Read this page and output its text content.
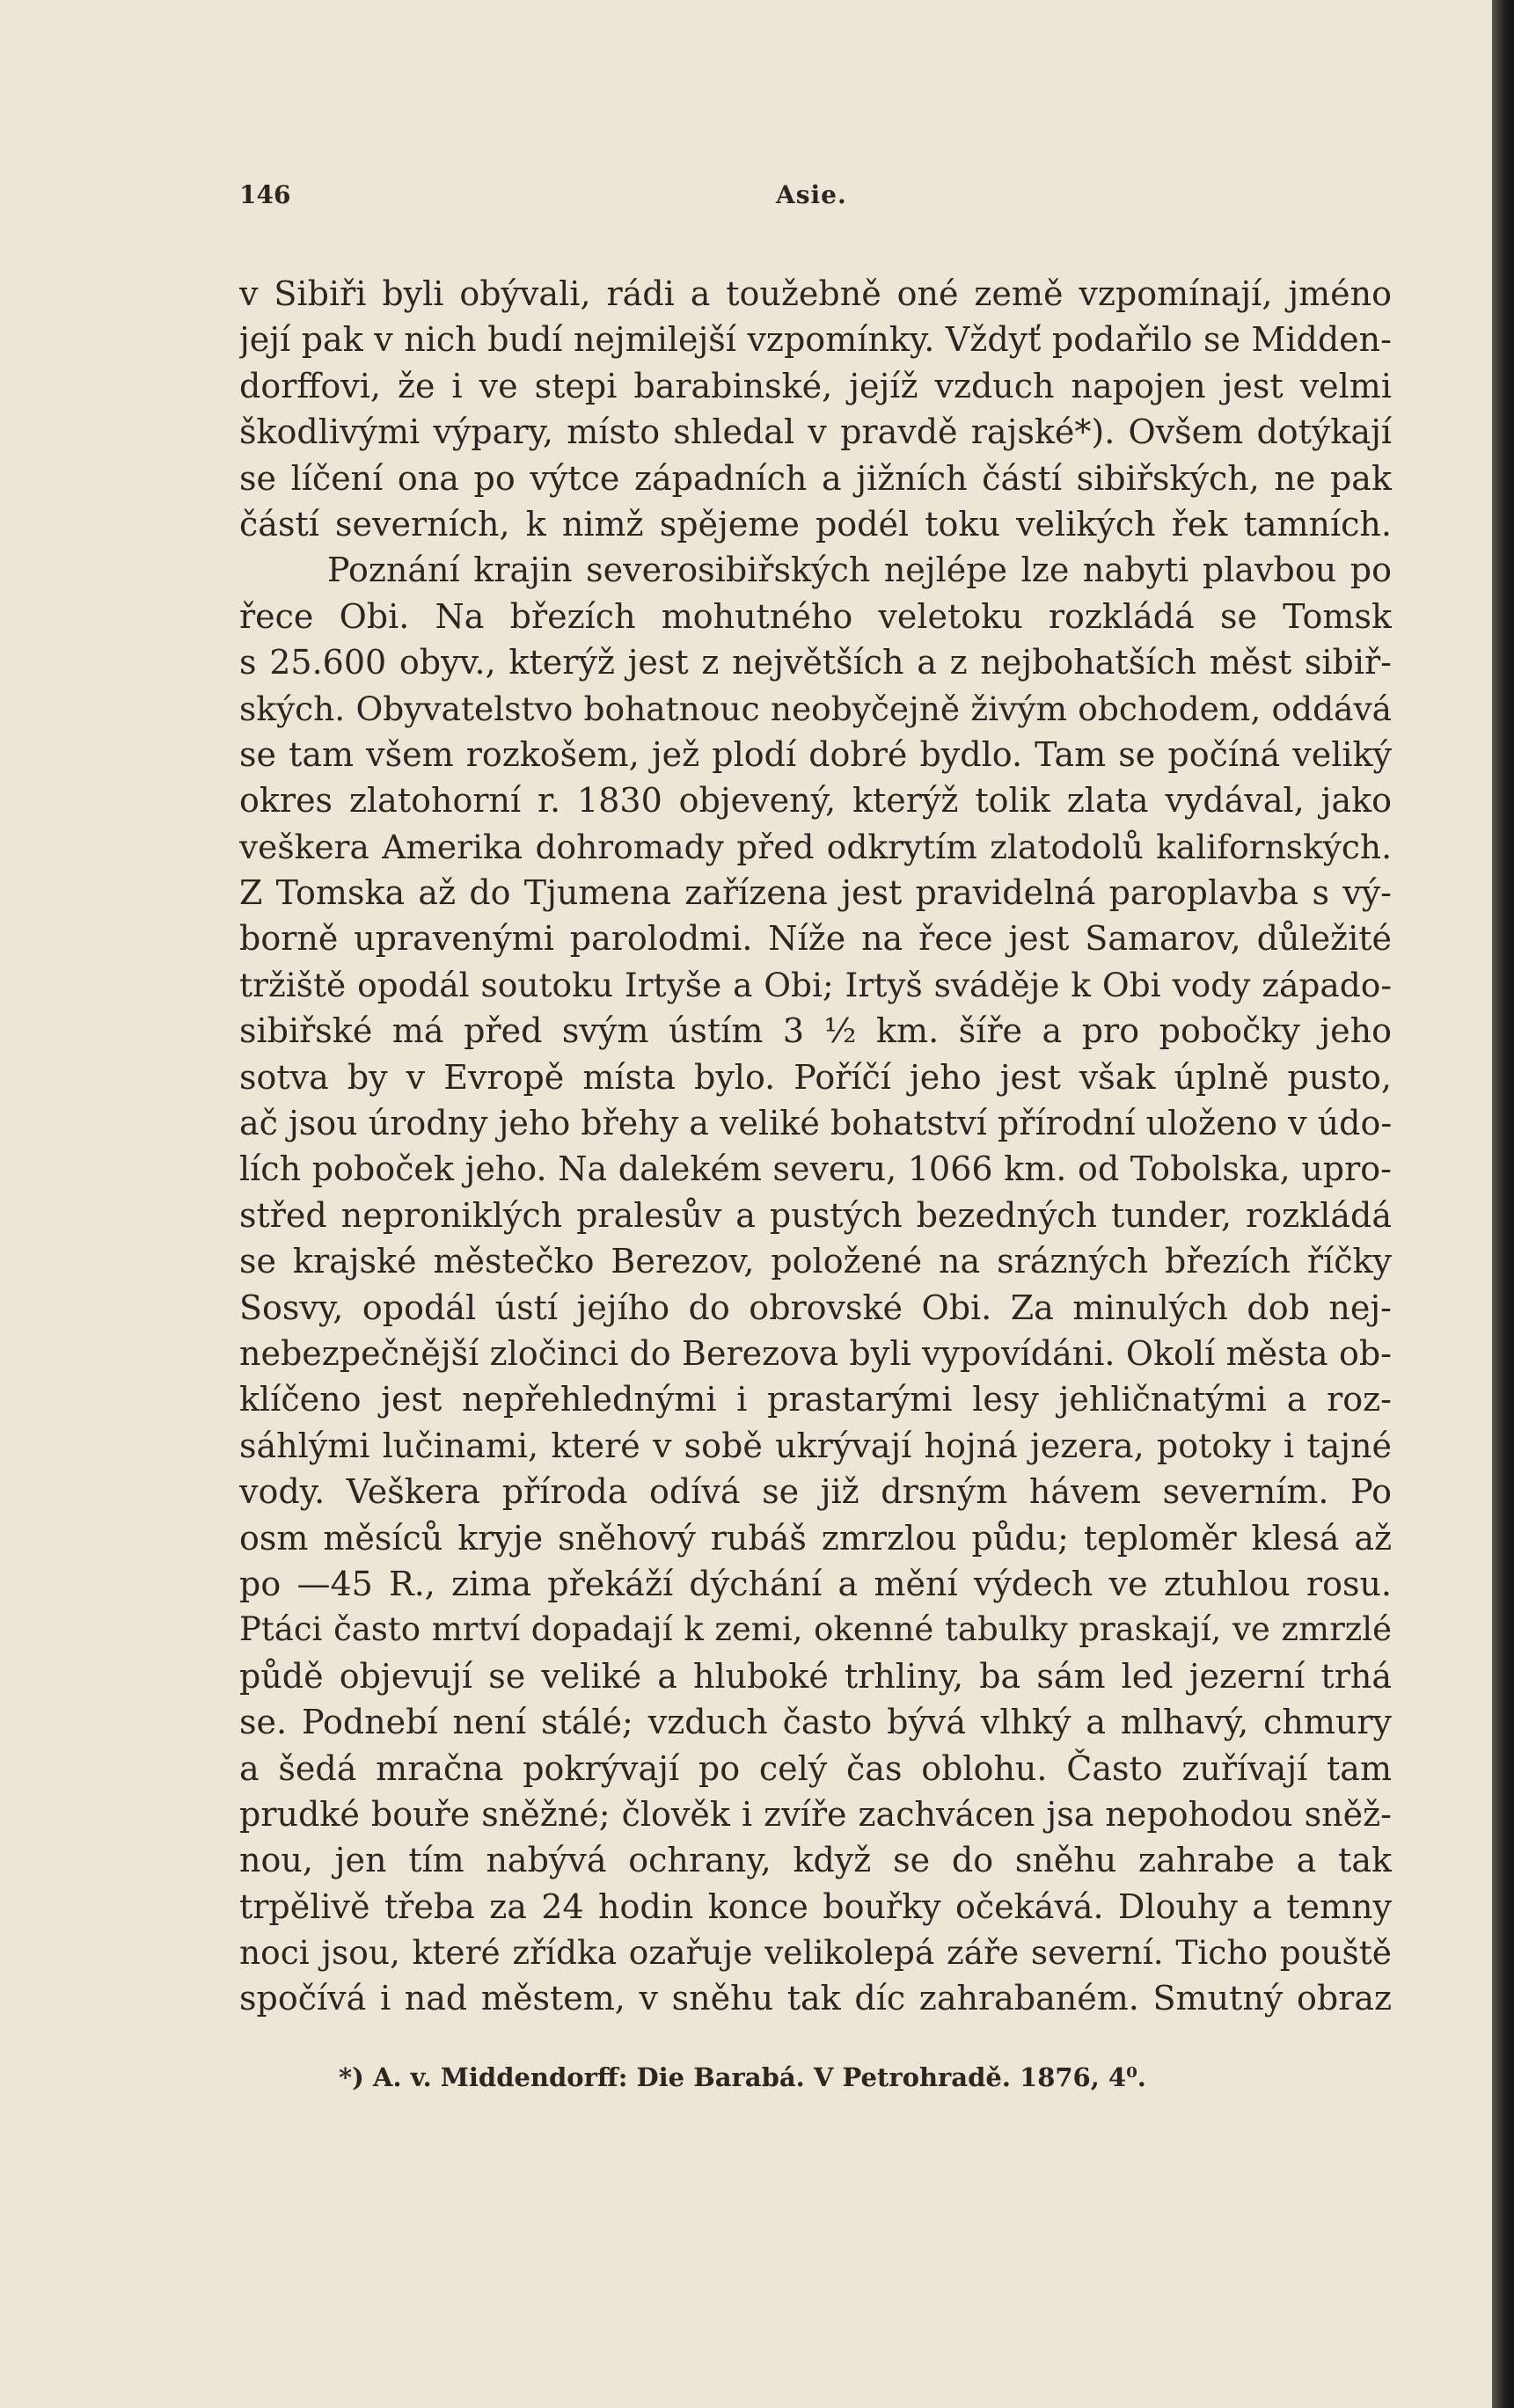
146	Asie.
v Sibiři byli obývali, rádi a toužebně oné země vzpomínají, jméno
její pak v nich budí nejmilejší vzpomínky. Vždyť podařilo se Midden-
dorffovi, že i ve stepi barabinské, jejíž vzduch napojen jest velmi
škodlivými výpary, místo shledal v pravdě rajské*). Ovšem dotýkají
se líčení ona po výtce západních a jižních částí sibiřských, ne pak
částí severních, k nimž spějeme podél toku velikých řek tamních.
Poznání krajin severosibiřských nejlépe lze nabyti plavbou po
řece Obi. Na březích mohutného veletoku rozkládá se Tomsk
s 25.600 obyv., kterýž jest z největších a z nejbohatších měst sibiř-
ských. Obyvatelstvo bohatnouc neobyčejně živým obchodem, oddává
se tam všem rozkošem, jež plodí dobré bydlo. Tam se počíná veliký
okres zlatohorní r. 1830 objevený, kterýž tolik zlata vydával, jako
veškera Amerika dohromady před odkrytím zlatodolů kalifornských.
Z Tomska až do Tjumena zařízena jest pravidelná paroplavba s vý-
borně upravenými parolodmi. Níže na řece jest Samarov, důležité
tržiště opodál soutoku Irtyše a Obi; Irtyš sváděje k Obi vody západo-
sibiřské má před svým ústím 3 ½ km. šíře a pro pobočky jeho
sotva by v Evropě místa bylo. Poříčí jeho jest však úplně pusto,
ač jsou úrodny jeho břehy a veliké bohatství přírodní uloženo v údo-
lích poboček jeho. Na dalekém severu, 1066 km. od Tobolska, upro-
střed neproniklých pralesův a pustých bezedných tunder, rozkládá
se krajské městečko Berezov, položené na srázných březích říčky
Sosvy, opodál ústí jejího do obrovské Obi. Za minulých dob nej-
nebezpečnější zločinci do Berezova byli vypovídáni. Okolí města ob-
klíčeno jest nepřehlednými i prastarými lesy jehličnatými a roz-
sáhlými lučinami, které v sobě ukrývají hojná jezera, potoky i tajné
vody. Veškera příroda odívá se již drsným hávem severním. Po
osm měsíců kryje sněhový rubáš zmrzlou půdu; teploměr klesá až
po —45 R., zima překáží dýchání a mění výdech ve ztuhlou rosu.
Ptáci často mrtví dopadají k zemi, okenné tabulky praskají, ve zmrzlé
půdě objevují se veliké a hluboké trhliny, ba sám led jezerní trhá
se. Podnebí není stálé; vzduch často bývá vlhký a mlhavý, chmury
a šedá mračna pokrývají po celý čas oblohu. Často zuřívají tam
prudké bouře sněžné; člověk i zvíře zachvácen jsa nepohodou sněž-
nou, jen tím nabývá ochrany, když se do sněhu zahrabe a tak
trpělivě třeba za 24 hodin konce bouřky očekává. Dlouhy a temny
noci jsou, které zřídka ozařuje velikolepá záře severní. Ticho pouště
spočívá i nad městem, v sněhu tak díc zahrabaném. Smutný obraz
*) A. v. Middendorff: Die Barabá. V Petrohradě. 1876, 4⁰.
